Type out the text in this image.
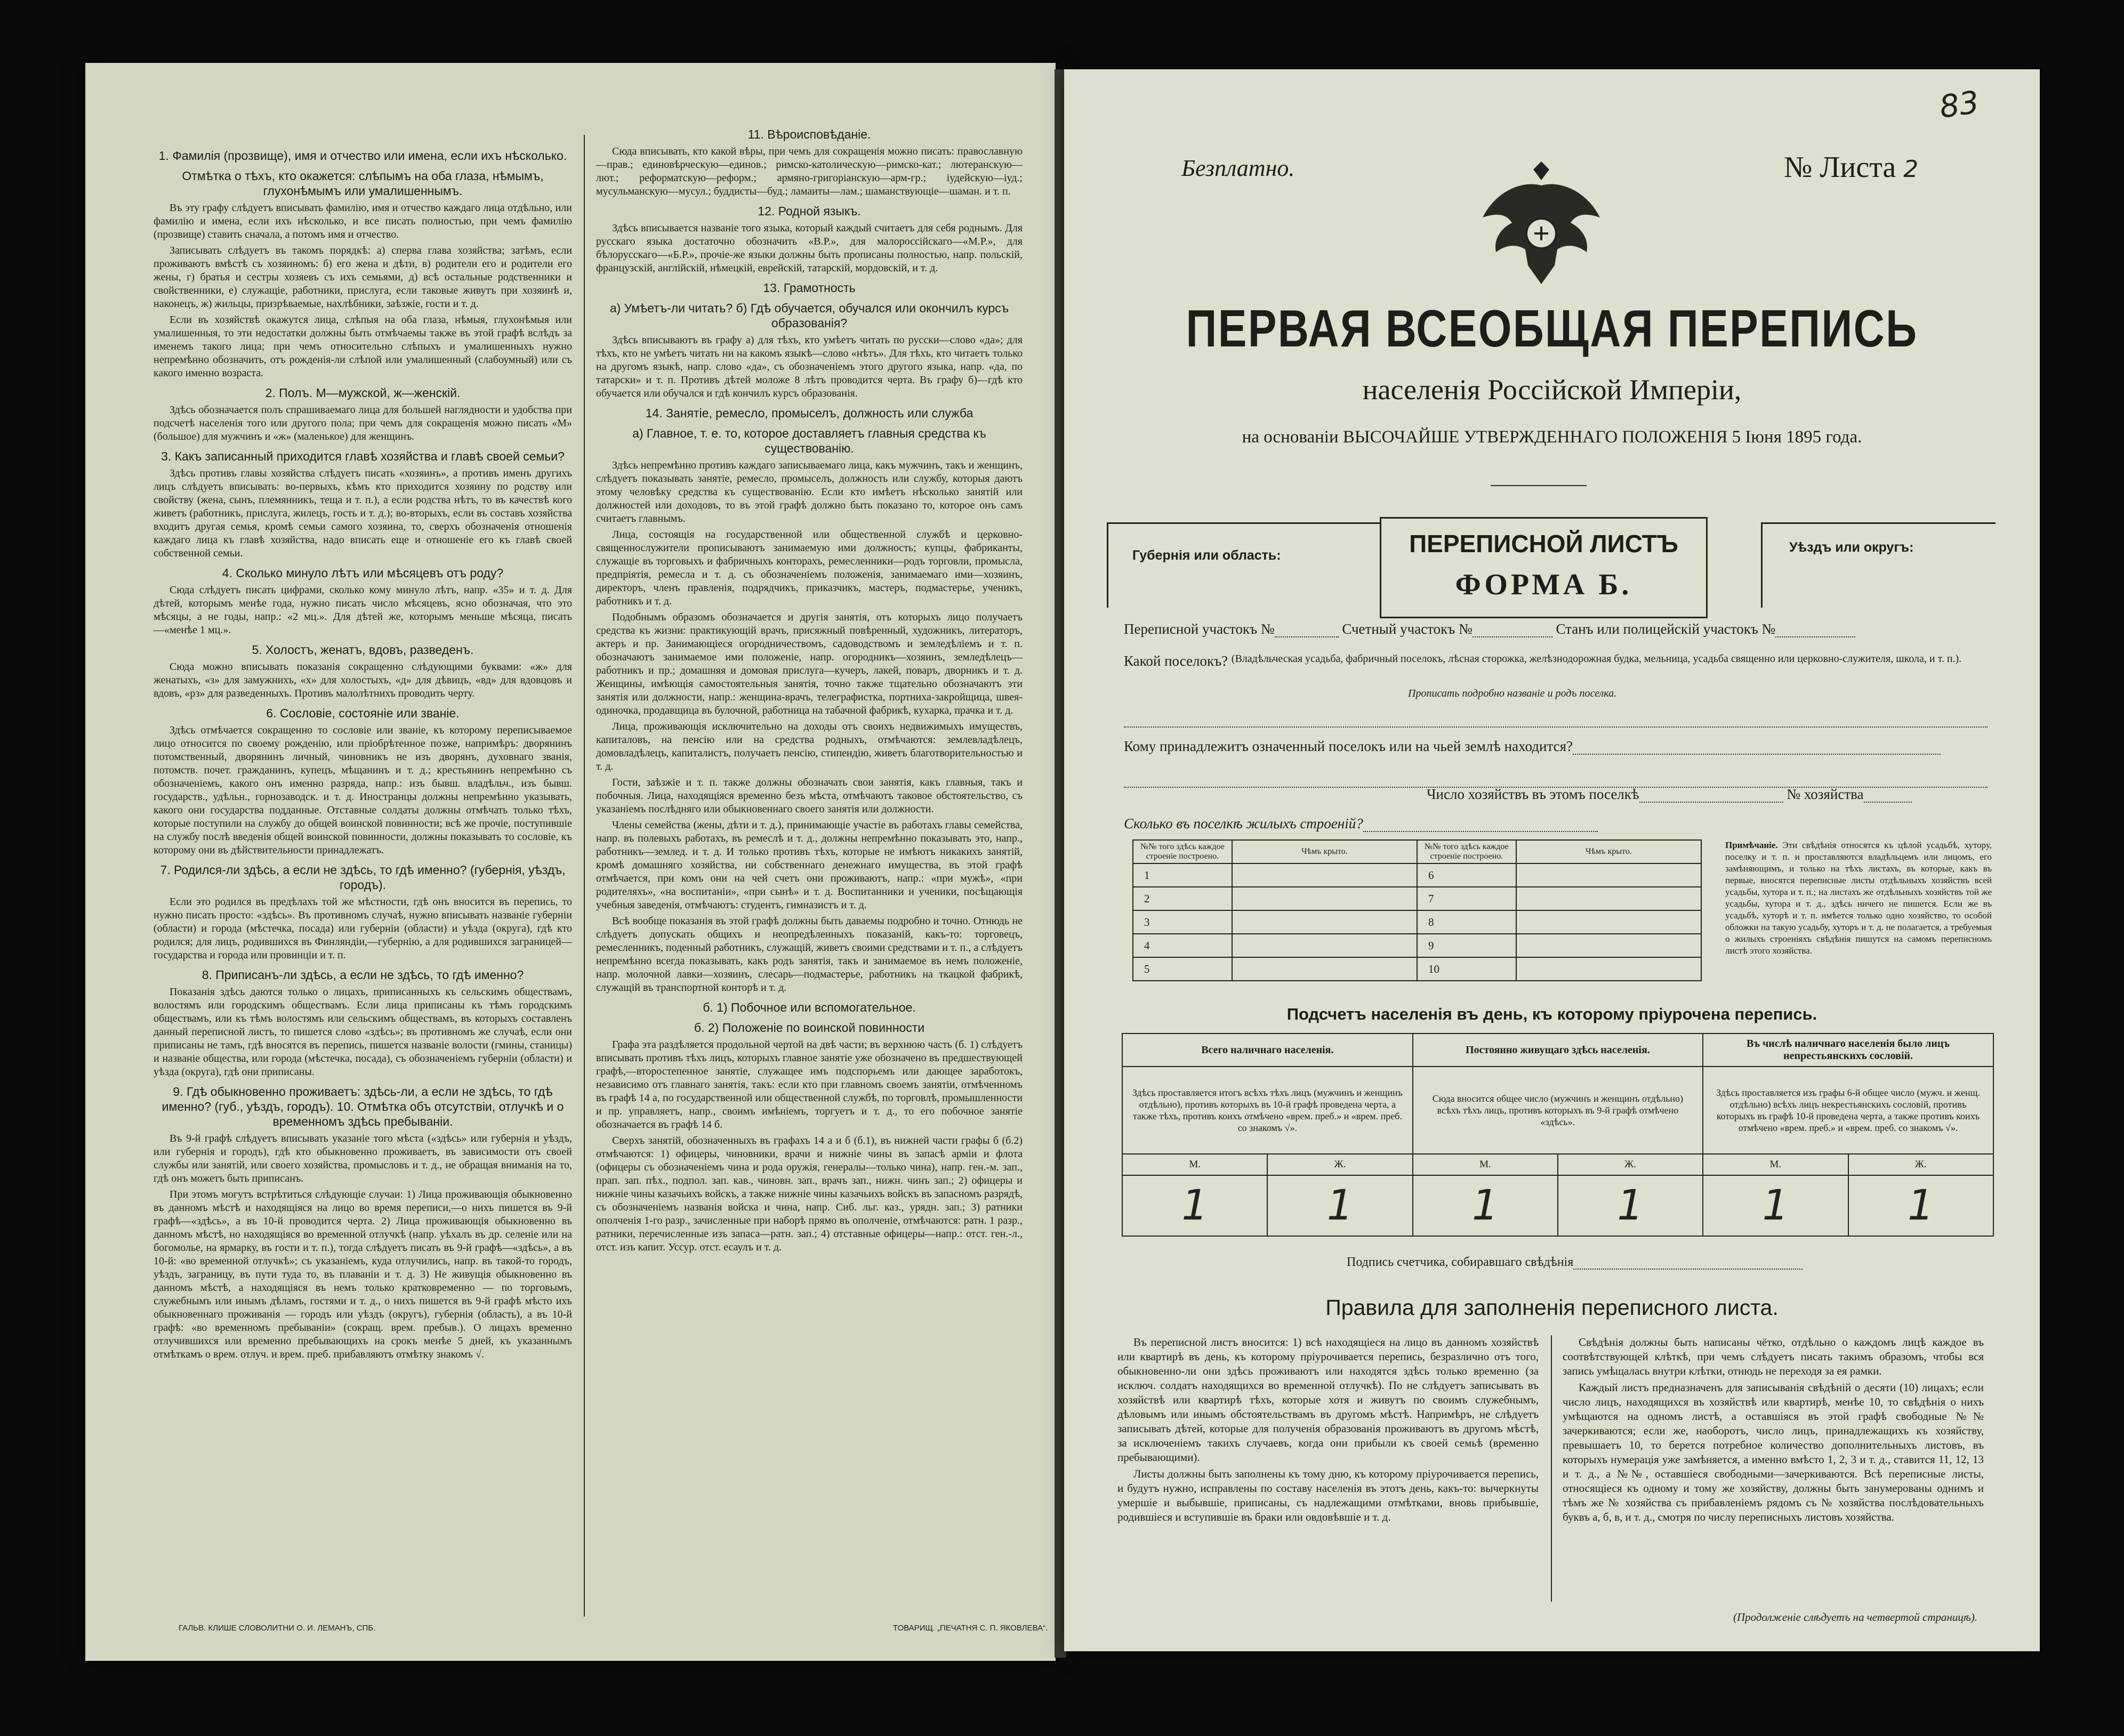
1. Фамилія (прозвище), имя и отчество или имена, если ихъ нѣсколько.
Отмѣтка о тѣхъ, кто окажется: слѣпымъ на оба глаза, нѣмымъ, глухонѣмымъ или умалишеннымъ.

Въ эту графу слѣдуетъ вписывать фамилію, имя и отчество каждаго лица отдѣльно, или фамилію и имена, если ихъ нѣсколько, и все писать полностью, при чемъ фамилію (прозвище) ставить сначала, а потомъ имя и отчество.

Записывать слѣдуетъ въ такомъ порядкѣ: а) сперва глава хозяйства; затѣмъ, если проживаютъ вмѣстѣ съ хозяиномъ: б) его жена и дѣти, в) родители его и родители его жены, г) братья и сестры хозяевъ съ ихъ семьями, д) всѣ остальные родственники и свойственники, е) служащіе, работники, прислуга, если таковые живутъ при хозяинѣ и, наконецъ, ж) жильцы, призрѣваемые, нахлѣбники, заѣзжіе, гости и т. д.

Если въ хозяйствѣ окажутся лица, слѣпыя на оба глаза, нѣмыя, глухонѣмыя или умалишенныя, то эти недостатки должны быть отмѣчаемы также въ этой графѣ вслѣдъ за именемъ такого лица; при чемъ относительно слѣпыхъ и умалишенныхъ нужно непремѣнно обозначить, отъ рожденія-ли слѣпой или умалишенный (слабоумный) или съ какого именно возраста.

2. Полъ. М—мужской, ж—женскій.

Здѣсь обозначается полъ спрашиваемаго лица для большей наглядности и удобства при подсчетѣ населенія того или другого пола; при чемъ для сокращенія можно писать «М» (большое) для мужчинъ и «ж» (маленькое) для женщинъ.

3. Какъ записанный приходится главѣ хозяйства и главѣ своей семьи?

Здѣсь противъ главы хозяйства слѣдуетъ писать «хозяинъ», а противъ именъ другихъ лицъ слѣдуетъ вписывать: во-первыхъ, кѣмъ кто приходится хозяину по родству или свойству (жена, сынъ, племянникъ, теща и т. п.), а если родства нѣтъ, то въ качествѣ кого живетъ (работникъ, прислуга, жилецъ, гость и т. д.); во-вторыхъ, если въ составъ хозяйства входитъ другая семья, кромѣ семьи самого хозяина, то, сверхъ обозначенія отношенія каждаго лица къ главѣ хозяйства, надо вписать еще и отношеніе его къ главѣ своей собственной семьи.

4. Сколько минуло лѣтъ или мѣсяцевъ отъ роду?

Сюда слѣдуетъ писать цифрами, сколько кому минуло лѣтъ, напр. «35» и т. д. Для дѣтей, которымъ менѣе года, нужно писать число мѣсяцевъ, ясно обозначая, что это мѣсяцы, а не годы, напр.: «2 мц.». Для дѣтей же, которымъ меньше мѣсяца, писать—«менѣе 1 мц.».

5. Холостъ, женатъ, вдовъ, разведенъ.

Сюда можно вписывать показанія сокращенно слѣдующими буквами: «ж» для женатыхъ, «з» для замужнихъ, «х» для холостыхъ, «д» для дѣвицъ, «вд» для вдовцовъ и вдовъ, «рз» для разведенныхъ. Противъ малолѣтнихъ проводить черту.

6. Сословіе, состояніе или званіе.

Здѣсь отмѣчается сокращенно то сословіе или званіе, къ которому переписываемое лицо относится по своему рожденію, или пріобрѣтенное позже, напримѣръ: дворянинъ потомственный, дворянинъ личный, чиновникъ не изъ дворянъ, духовнаго званія, потомств. почет. гражданинъ, купецъ, мѣщанинъ и т. д.; крестьянинъ непремѣнно съ обозначеніемъ, какого онъ именно разряда, напр.: изъ бывш. владѣльч., изъ бывш. государств., удѣльн., горнозаводск. и т. д. Иностранцы должны непремѣнно указывать, какого они государства подданные. Отставные солдаты должны отмѣчать только тѣхъ, которые поступили на службу до общей воинской повинности; всѣ же прочіе, поступившіе на службу послѣ введенія общей воинской повинности, должны показывать то сословіе, къ которому они въ дѣйствительности принадлежатъ.

7. Родился-ли здѣсь, а если не здѣсь, то гдѣ именно? (губернія, уѣздъ, городъ).

Если это родился въ предѣлахъ той же мѣстности, гдѣ онъ вносится въ перепись, то нужно писать просто: «здѣсь». Въ противномъ случаѣ, нужно вписывать названіе губерніи (области) и города (мѣстечка, посада) или губерніи (области) и уѣзда (округа), гдѣ кто родился; для лицъ, родившихся въ Финляндіи,—губернію, а для родившихся заграницей—государства и города или провинціи и т. п.

8. Приписанъ-ли здѣсь, а если не здѣсь, то гдѣ именно?

Показанія здѣсь даются только о лицахъ, приписанныхъ къ сельскимъ обществамъ, волостямъ или городскимъ обществамъ. Если лица приписаны къ тѣмъ городскимъ обществамъ, или къ тѣмъ волостямъ или сельскимъ обществамъ, въ которыхъ составленъ данный переписной листъ, то пишется слово «здѣсь»; въ противномъ же случаѣ, если они приписаны не тамъ, гдѣ вносятся въ перепись, пишется названіе волости (гмины, станицы) и названіе общества, или города (мѣстечка, посада), съ обозначеніемъ губерніи (области) и уѣзда (округа), гдѣ они приписаны.

9. Гдѣ обыкновенно проживаетъ: здѣсь-ли, а если не здѣсь, то гдѣ именно? (губ., уѣздъ, городъ). 10. Отмѣтка объ отсутствіи, отлучкѣ и о временномъ здѣсь пребываніи.

Въ 9-й графѣ слѣдуетъ вписывать указаніе того мѣста («здѣсь» или губернія и уѣздъ, или губернія и городъ), гдѣ кто обыкновенно проживаетъ, въ зависимости отъ своей службы или занятій, или своего хозяйства, промысловъ и т. д., не обращая вниманія на то, гдѣ онъ можетъ быть приписанъ.

При этомъ могутъ встрѣтиться слѣдующіе случаи: 1) Лица проживающія обыкновенно въ данномъ мѣстѣ и находящіяся на лицо во время переписи,—о нихъ пишется въ 9-й графѣ—«здѣсь», а въ 10-й проводится черта. 2) Лица проживающія обыкновенно въ данномъ мѣстѣ, но находящіяся во временной отлучкѣ (напр. уѣхалъ въ др. селеніе или на богомолье, на ярмарку, въ гости и т. п.), тогда слѣдуетъ писать въ 9-й графѣ—«здѣсь», а въ 10-й: «во временной отлучкѣ»; съ указаніемъ, куда отлучились, напр. въ такой-то городъ, уѣздъ, заграницу, въ пути туда то, въ плаваніи и т. д. 3) Не живущія обыкновенно въ данномъ мѣстѣ, а находящіяся въ немъ только кратковременно — по торговымъ, служебнымъ или инымъ дѣламъ, гостями и т. д., о нихъ пишется въ 9-й графѣ мѣсто ихъ обыкновеннаго проживанія — городъ или уѣздъ (округъ), губернія (область), а въ 10-й графѣ: «во временномъ пребываніи» (сокращ. врем. пребыв.). О лицахъ временно отлучившихся или временно пребывающихъ на срокъ менѣе 5 дней, къ указаннымъ отмѣткамъ о врем. отлуч. и врем. преб. прибавляютъ отмѣтку знакомъ √.

11. Вѣроисповѣданіе.

Сюда вписывать, кто какой вѣры, при чемъ для сокращенія можно писать: православную—прав.; единовѣрческую—единов.; римско-католическую—римско-кат.; лютеранскую—лют.; реформатскую—реформ.; армяно-григоріанскую—арм-гр.; іудейскую—іуд.; мусульманскую—мусул.; буддисты—буд.; ламаиты—лам.; шаманствующіе—шаман. и т. п.

12. Родной языкъ.

Здѣсь вписывается названіе того языка, который каждый считаетъ для себя роднымъ. Для русскаго языка достаточно обозначить «В.Р.», для малороссійскаго—«М.Р.», для бѣлорусскаго—«Б.Р.», прочіе-же языки должны быть прописаны полностью, напр. польскій, французскій, англійскій, нѣмецкій, еврейскій, татарскій, мордовскій, и т. д.

13. Грамотность
а) Умѣетъ-ли читать? б) Гдѣ обучается, обучался или окончилъ курсъ образованія?

Здѣсь вписываютъ въ графу а) для тѣхъ, кто умѣетъ читать по русски—слово «да»; для тѣхъ, кто не умѣетъ читать ни на какомъ языкѣ—слово «нѣтъ». Для тѣхъ, кто читаетъ только на другомъ языкѣ, напр. слово «да», съ обозначеніемъ этого другого языка, напр. «да, по татарски» и т. п. Противъ дѣтей моложе 8 лѣтъ проводится черта. Въ графу б)—гдѣ кто обучается или обучался и гдѣ кончилъ курсъ образованія.

14. Занятіе, ремесло, промыселъ, должность или служба
а) Главное, т. е. то, которое доставляетъ главныя средства къ существованію.

Здѣсь непремѣнно противъ каждаго записываемаго лица, какъ мужчинъ, такъ и женщинъ, слѣдуетъ показывать занятіе, ремесло, промыселъ, должность или службу, которыя даютъ этому человѣку средства къ существованію. Если кто имѣетъ нѣсколько занятій или должностей или доходовъ, то въ этой графѣ должно быть показано то, которое онъ самъ считаетъ главнымъ.

Лица, состоящія на государственной или общественной службѣ и церковно-священнослужители прописываютъ занимаемую ими должность; купцы, фабриканты, служащіе въ торговыхъ и фабричныхъ конторахъ, ремесленники—родъ торговли, промысла, предпріятія, ремесла и т. д. съ обозначеніемъ положенія, занимаемаго ими—хозяинъ, директоръ, членъ правленія, подрядчикъ, приказчикъ, мастеръ, подмастерье, ученикъ, работникъ и т. д.

Подобнымъ образомъ обозначается и другія занятія, отъ которыхъ лицо получаетъ средства къ жизни: практикующій врачъ, присяжный повѣренный, художникъ, литераторъ, актеръ и пр. Занимающіеся огородничествомъ, садоводствомъ и земледѣліемъ и т. п. обозначаютъ занимаемое ими положеніе, напр. огородникъ—хозяинъ, земледѣлецъ—работникъ и пр.; домашняя и домовая прислуга—кучеръ, лакей, поваръ, дворникъ и т. д. Женщины, имѣющія самостоятельныя занятія, точно также тщательно обозначаютъ эти занятія или должности, напр.: женщина-врачъ, телеграфистка, портниха-закройщица, швея-одиночка, продавщица въ булочной, работница на табачной фабрикѣ, кухарка, прачка и т. д.

Лица, проживающія исключительно на доходы отъ своихъ недвижимыхъ имуществъ, капиталовъ, на пенсію или на средства родныхъ, отмѣчаются: землевладѣлецъ, домовладѣлецъ, капиталистъ, получаетъ пенсію, стипендію, живетъ благотворительностью и т. д.

Гости, заѣзжіе и т. п. также должны обозначать свои занятія, какъ главныя, такъ и побочныя. Лица, находящіяся временно безъ мѣста, отмѣчаютъ таковое обстоятельство, съ указаніемъ послѣдняго или обыкновеннаго своего занятія или должности.

Члены семейства (жены, дѣти и т. д.), принимающіе участіе въ работахъ главы семейства, напр. въ полевыхъ работахъ, въ ремеслѣ и т. д., должны непремѣнно показывать это, напр., работникъ—землед. и т. д. И только противъ тѣхъ, которые не имѣютъ никакихъ занятій, кромѣ домашняго хозяйства, ни собственнаго денежнаго имущества, въ этой графѣ отмѣчается, при комъ они на чей счетъ они проживаютъ, напр.: «при мужѣ», «при родителяхъ», «на воспитаніи», «при сынѣ» и т. д. Воспитанники и ученики, посѣщающія учебныя заведенія, отмѣчаютъ: студентъ, гимназистъ и т. д.

Всѣ вообще показанія въ этой графѣ должны быть даваемы подробно и точно. Отнюдь не слѣдуетъ допускать общихъ и неопредѣленныхъ показаній, какъ-то: торговецъ, ремесленникъ, поденный работникъ, служащій, живетъ своими средствами и т. п., а слѣдуетъ непремѣнно всегда показывать, какъ родъ занятія, такъ и занимаемое въ немъ положеніе, напр. молочной лавки—хозяинъ, слесарь—подмастерье, работникъ на ткацкой фабрикѣ, служащій въ транспортной конторѣ и т. д.

б. 1) Побочное или вспомогательное.
б. 2) Положеніе по воинской повинности

Графа эта раздѣляется продольной чертой на двѣ части; въ верхнюю часть (б. 1) слѣдуетъ вписывать противъ тѣхъ лицъ, которыхъ главное занятіе уже обозначено въ предшествующей графѣ,—второстепенное занятіе, служащее имъ подспорьемъ или дающее заработокъ, независимо отъ главнаго занятія, такъ: если кто при главномъ своемъ занятіи, отмѣченномъ въ графѣ 14 а, по государственной или общественной службѣ, по торговлѣ, промышленности и пр. управляетъ, напр., своимъ имѣніемъ, торгуетъ и т. д., то его побочное занятіе обозначается въ графѣ 14 б.

Сверхъ занятій, обозначенныхъ въ графахъ 14 а и б (б.1), въ нижней части графы б (б.2) отмѣчаются: 1) офицеры, чиновники, врачи и нижніе чины въ запасѣ арміи и флота (офицеры съ обозначеніемъ чина и рода оружія, генералы—только чина), напр. ген.-м. зап., прап. зап. пѣх., подпол. зап. кав., чиновн. зап., врачъ зап., нижн. чинъ зап.; 2) офицеры и нижніе чины казачьихъ войскъ, а также нижніе чины казачьихъ войскъ въ запасномъ разрядѣ, съ обозначеніемъ названія войска и чина, напр. Сиб. льг. каз., урядн. зап.; 3) ратники ополченія 1-го разр., зачисленные при наборѣ прямо въ ополченіе, отмѣчаются: ратн. 1 разр., ратники, перечисленные изъ запаса—ратн. зап.; 4) отставные офицеры—напр.: отст. ген.-л., отст. изъ капит. Уссур. отст. есаулъ и т. д.

ГАЛЬВ. КЛИШЕ СЛОВОЛИТНИ О. И. ЛЕМАНЪ, СПБ.	ТОВАРИЩ. „ПЕЧАТНЯ С. П. ЯКОВЛЕВА“.
83
Безплатно.	№ Листа 2
ПЕРВАЯ ВСЕОБЩАЯ ПЕРЕПИСЬ
населенія Россійской Имперіи,
на основаніи ВЫСОЧАЙШЕ УТВЕРЖДЕННАГО ПОЛОЖЕНІЯ 5 Іюня 1895 года.
Губернія или область:	ПЕРЕПИСНОЙ ЛИСТЪ
ФОРМА Б.
Уѣздъ или округъ:
Переписной участокъ №	Счетный участокъ №	Станъ или полицейскій участокъ №
Какой поселокъ? (Владѣльческая усадьба, фабричный поселокъ, лѣсная сторожка, желѣзнодорожная будка, мельница, усадьба священно или церковно-служителя, школа, и т. п.).
Прописать подробно названіе и родъ поселка.
Кому принадлежитъ означенный поселокъ или на чьей землѣ находится?
Число хозяйствъ въ этомъ поселкѣ	№ хозяйства
Сколько въ поселкѣ жилыхъ строеній?
№№ того здѣсь каждое строеніе построено.	Чѣмъ крыто.	№№ того здѣсь каждое строеніе построено.	Чѣмъ крыто.
1		6	
2		7	
3		8	
4		9	
5		10	
Примѣчаніе. Эти свѣдѣнія относятся къ цѣлой усадьбѣ, хутору, поселку и т. п. и проставляются владѣльцемъ или лицомъ, его замѣняющимъ, и только на тѣхъ листахъ, въ которые, какъ въ первые, вносятся переписные листы отдѣльныхъ хозяйствъ всей усадьбы, хутора и т. п.; на листахъ же отдѣльныхъ хозяйствъ той же усадьбы, хутора и т. д., здѣсь ничего не пишется. Если же въ усадьбѣ, хуторѣ и т. п. имѣется только одно хозяйство, то особой обложки на такую усадьбу, хуторъ и т. д. не полагается, а требуемыя о жилыхъ строеніяхъ свѣдѣнія пишутся на самомъ переписномъ листѣ этого хозяйства.
Подсчетъ населенія въ день, къ которому пріурочена перепись.
Всего наличнаго населенія.		Постоянно живущаго здѣсь населенія.		Въ числѣ наличнаго населенія было лицъ непрестьянскихъ сословій.	
Здѣсь проставляется итогъ всѣхъ тѣхъ лицъ (мужчинъ и женщинъ отдѣльно), противъ которыхъ въ 10-й графѣ проведена черта, а также тѣхъ, противъ коихъ отмѣчено «врем. преб.» и «врем. преб. со знакомъ √».		Сюда вносится общее число (мужчинъ и женщинъ отдѣльно) всѣхъ тѣхъ лицъ, противъ которыхъ въ 9-й графѣ отмѣчено «здѣсь».		Здѣсь проставляется изъ графы 6-й общее число (мужч. и женщ. отдѣльно) всѣхъ лицъ некрестьянскихъ сословій, противъ которыхъ въ графѣ 10-й проведена черта, а также противъ коихъ отмѣчено «врем. преб.» и «врем. преб. со знакомъ √».	
М.	Ж.	М.	Ж.	М.	Ж.
1	1	1	1	1	1
Подпись счетчика, собиравшаго свѣдѣнія
Правила для заполненія переписного листа.

Въ переписной листъ вносится: 1) всѣ находящіеся на лицо въ данномъ хозяйствѣ или квартирѣ въ день, къ которому пріурочивается перепись, безразлично отъ того, обыкновенно-ли они здѣсь проживаютъ или находятся здѣсь только временно (за исключ. солдатъ находящихся во временной отлучкѣ). По не слѣдуетъ записывать въ хозяйствѣ или квартирѣ тѣхъ, которые хотя и живутъ по своимъ служебнымъ, дѣловымъ или инымъ обстоятельствамъ въ другомъ мѣстѣ. Напримѣръ, не слѣдуетъ записывать дѣтей, которые для полученія образованія проживаютъ въ другомъ мѣстѣ, за исключеніемъ такихъ случаевъ, когда они прибыли къ своей семьѣ (временно пребывающими).

Листы должны быть заполнены къ тому дню, къ которому пріурочивается перепись, и будутъ нужно, исправлены по составу населенія въ этотъ день, какъ-то: вычеркнуты умершіе и выбывшіе, приписаны, съ надлежащими отмѣтками, вновь прибывшіе, родившіеся и вступившіе въ браки или овдовѣвшіе и т. д.

Свѣдѣнія должны быть написаны чётко, отдѣльно о каждомъ лицѣ каждое въ соотвѣтствующей клѣткѣ, при чемъ слѣдуетъ писать такимъ образомъ, чтобы вся запись умѣщалась внутри клѣтки, отнюдь не переходя за ея рамки.

Каждый листъ предназначенъ для записыванія свѣдѣній о десяти (10) лицахъ; если число лицъ, находящихся въ хозяйствѣ или квартирѣ, менѣе 10, то свѣдѣнія о нихъ умѣщаются на одномъ листѣ, а оставшіяся въ этой графѣ свободные №№ зачеркиваются; если же, наоборотъ, число лицъ, принадлежащихъ къ хозяйству, превышаетъ 10, то берется потребное количество дополнительныхъ листовъ, въ которыхъ нумерація уже замѣняется, а именно вмѣсто 1, 2, 3 и т. д., ставится 11, 12, 13 и т. д., а №№, оставшіеся свободными—зачеркиваются. Всѣ переписные листы, относящіеся къ одному и тому же хозяйству, должны быть занумерованы однимъ и тѣмъ же № хозяйства съ прибавленіемъ рядомъ съ № хозяйства послѣдовательныхъ буквъ а, б, в, и т. д., смотря по числу переписныхъ листовъ хозяйства.

(Продолженіе слѣдуетъ на четвертой страницѣ).
